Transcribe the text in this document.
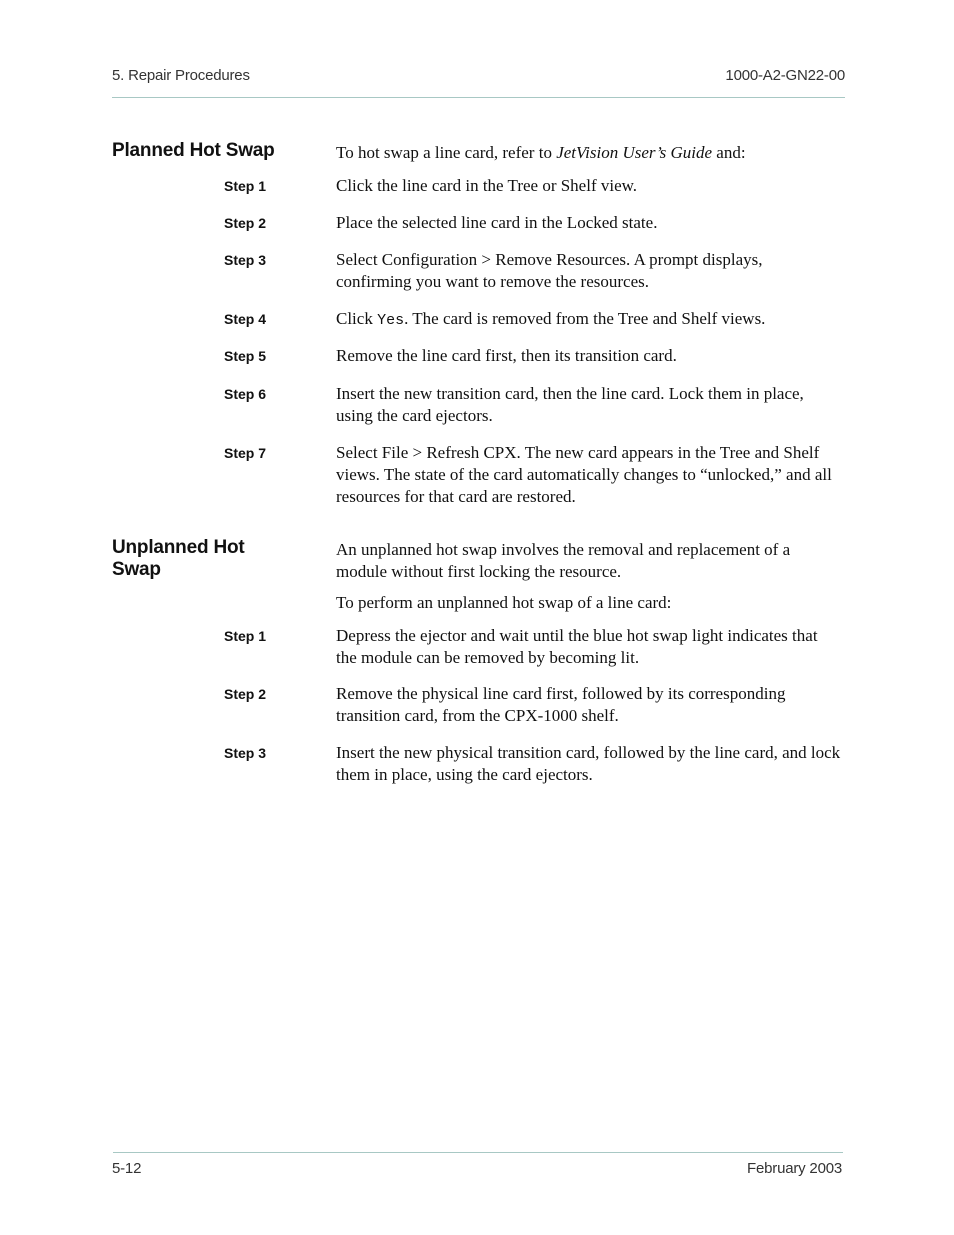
5. Repair Procedures	1000-A2-GN22-00
Planned Hot Swap	To hot swap a line card, refer to JetVision User’s Guide and:
Step 1	Click the line card in the Tree or Shelf view.
Step 2	Place the selected line card in the Locked state.
Step 3	Select Configuration > Remove Resources. A prompt displays, confirming you want to remove the resources.
Step 4	Click Yes. The card is removed from the Tree and Shelf views.
Step 5	Remove the line card first, then its transition card.
Step 6	Insert the new transition card, then the line card. Lock them in place, using the card ejectors.
Step 7	Select File > Refresh CPX. The new card appears in the Tree and Shelf views. The state of the card automatically changes to “unlocked,” and all resources for that card are restored.
Unplanned Hot Swap
An unplanned hot swap involves the removal and replacement of a module without first locking the resource.
To perform an unplanned hot swap of a line card:
Step 1	Depress the ejector and wait until the blue hot swap light indicates that the module can be removed by becoming lit.
Step 2	Remove the physical line card first, followed by its corresponding transition card, from the CPX-1000 shelf.
Step 3	Insert the new physical transition card, followed by the line card, and lock them in place, using the card ejectors.
5-12	February 2003
